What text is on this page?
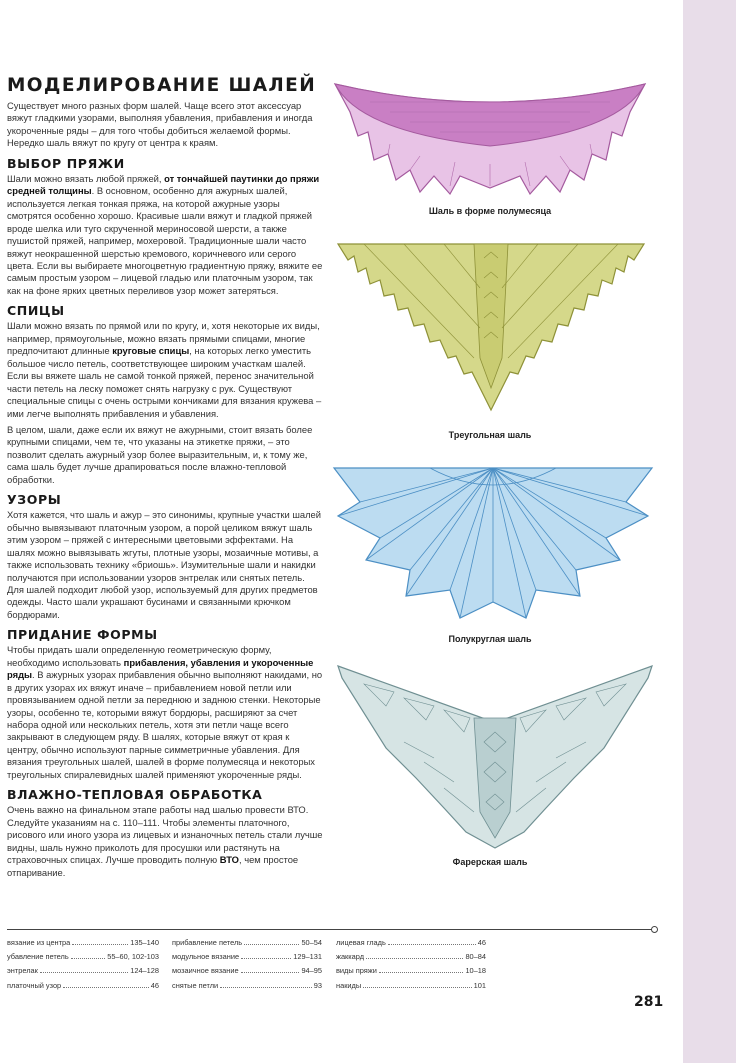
МОДЕЛИРОВАНИЕ ШАЛЕЙ

Существует много разных форм шалей. Чаще всего этот аксессуар вяжут гладкими узорами, выполняя убавления, прибавления и иногда укороченные ряды – для того чтобы добиться желаемой формы. Нередко шаль вяжут по кругу от центра к краям.

ВЫБОР ПРЯЖИ

Шали можно вязать любой пряжей, от тончайшей паутинки до пряжи средней толщины. В основном, особенно для ажурных шалей, используется легкая тонкая пряжа, на которой ажурные узоры смотрятся особенно хорошо. Красивые шали вяжут и гладкой пряжей вроде шелка или туго скрученной мериносовой шерсти, а также пушистой пряжей, например, мохеровой. Традиционные шали часто вяжут неокрашенной шерстью кремового, коричневого или серого цвета. Если вы выбираете многоцветную градиентную пряжу, вяжите ее самым простым узором – лицевой гладью или платочным узором, так как на фоне ярких цветных переливов узор может затеряться.

СПИЦЫ

Шали можно вязать по прямой или по кругу, и, хотя некоторые их виды, например, прямоугольные, можно вязать прямыми спицами, многие предпочитают длинные круговые спицы, на которых легко уместить большое число петель, соответствующее широким участкам шалей. Если вы вяжете шаль не самой тонкой пряжей, перенос значительной части петель на леску поможет снять нагрузку с рук. Существуют специальные спицы с очень острыми кончиками для вязания кружева – ими легче выполнять прибавления и убавления.

В целом, шали, даже если их вяжут не ажурными, стоит вязать более крупными спицами, чем те, что указаны на этикетке пряжи, – это позволит сделать ажурный узор более выразительным, и, к тому же, сама шаль будет лучше драпироваться после влажно-тепловой обработки.

УЗОРЫ

Хотя кажется, что шаль и ажур – это синонимы, крупные участки шалей обычно вывязывают платочным узором, а порой целиком вяжут шаль этим узором – пряжей с интересными цветовыми эффектами. На шалях можно вывязывать жгуты, плотные узоры, мозаичные мотивы, а также использовать технику «бриошь». Изумительные шали и накидки получаются при использовании узоров энтрелак или снятых петель. Для шалей подходит любой узор, используемый для других предметов одежды. Часто шали украшают бусинами и связанными крючком бордюрами.

ПРИДАНИЕ ФОРМЫ

Чтобы придать шали определенную геометрическую форму, необходимо использовать прибавления, убавления и укороченные ряды. В ажурных узорах прибавления обычно выполняют накидами, но в других узорах их вяжут иначе – прибавлением новой петли или провязыванием одной петли за переднюю и заднюю стенки. Некоторые узоры, особенно те, которыми вяжут бордюры, расширяют за счет набора одной или нескольких петель, хотя эти петли чаще всего закрывают в следующем ряду. В шалях, которые вяжут от края к центру, обычно используют парные симметричные убавления. Для вязания треугольных шалей, шалей в форме полумесяца и некоторых треугольных спиралевидных шалей применяют укороченные ряды.

ВЛАЖНО-ТЕПЛОВАЯ ОБРАБОТКА

Очень важно на финальном этапе работы над шалью провести ВТО. Следуйте указаниям на с. 110–111. Чтобы элементы платочного, рисового или иного узора из лицевых и изнаночных петель стали лучше видны, шаль нужно приколоть для просушки или растянуть на страховочных спицах. Лучше проводить полную ВТО, чем простое отпаривание.

Шаль в форме полумесяца
Треугольная шаль
Полукруглая шаль
Фарерская шаль
вязание из центра	135–140
убавление петель	55–60, 102-103
энтрелак	124–128
платочный узор	46
прибавление петель	50–54
модульное вязание	129–131
мозаичное вязание	94–95
снятые петли	93
лицевая гладь	46
жаккард	80–84
виды пряжи	10–18
накиды	101
281
